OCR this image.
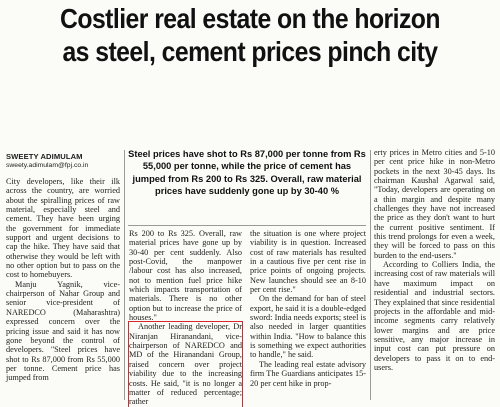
Costlier real estate on the horizon
as steel, cement prices pinch city
SWEETY ADIMULAM
sweety.adimulam@fpj.co.in

Steel prices have shot to Rs 87,000 per tonne from Rs 55,000 per tonne, while the price of cement has jumped from Rs 200 to Rs 325. Overall, raw material prices have suddenly gone up by 30-40 %

City developers, like their ilk across the country, are worried about the spiralling prices of raw material, especially steel and cement. They have been urging the government for immediate support and urgent decisions to cap the hike. They have said that otherwise they would be left with no other option but to pass on the cost to homebuyers.

Manju Yagnik, vice-chairperson of Nahar Group and senior vice-president of NAREDCO (Maharashtra) expressed concern over the pricing issue and said it has now gone beyond the control of developers. "Steel prices have shot to Rs 87,000 from Rs 55,000 per tonne. Cement price has jumped from

Rs 200 to Rs 325. Overall, raw material prices have gone up by 30-40 per cent suddenly. Also post-Covid, the manpower /labour cost has also increased, not to mention fuel price hike which impacts transportation of materials. There is no other option but to increase the price of houses."

Another leading developer, Dr Niranjan Hiranandani, vice-chairperson of NAREDCO and MD of the Hiranandani Group, raised concern over project viability due to the increasing costs. He said, "it is no longer a matter of reduced percentage; rather

the situation is one where project viability is in question. Increased cost of raw materials has resulted in a cautious five per cent rise in price points of ongoing projects. New launches should see an 8-10 per cent rise."

On the demand for ban of steel export, he said it is a double-edged sword: India needs exports; steel is also needed in larger quantities within India. "How to balance this is something we expect authorities to handle," he said.

The leading real estate advisory firm The Guardians anticipates 15-20 per cent hike in prop-

erty prices in Metro cities and 5-10 per cent price hike in non-Metro pockets in the next 30-45 days. Its chairman Kaushal Agarwal said, "Today, developers are operating on a thin margin and despite many challenges they have not increased the price as they don't want to hurt the current positive sentiment. If this trend prolongs for even a week, they will be forced to pass on this burden to the end-users."

According to Colliers India, the increasing cost of raw materials will have maximum impact on residential and industrial sectors. They explained that since residential projects in the affordable and mid-income segments carry relatively lower margins and are price sensitive, any major increase in input cost can put pressure on developers to pass it on to end-users.
